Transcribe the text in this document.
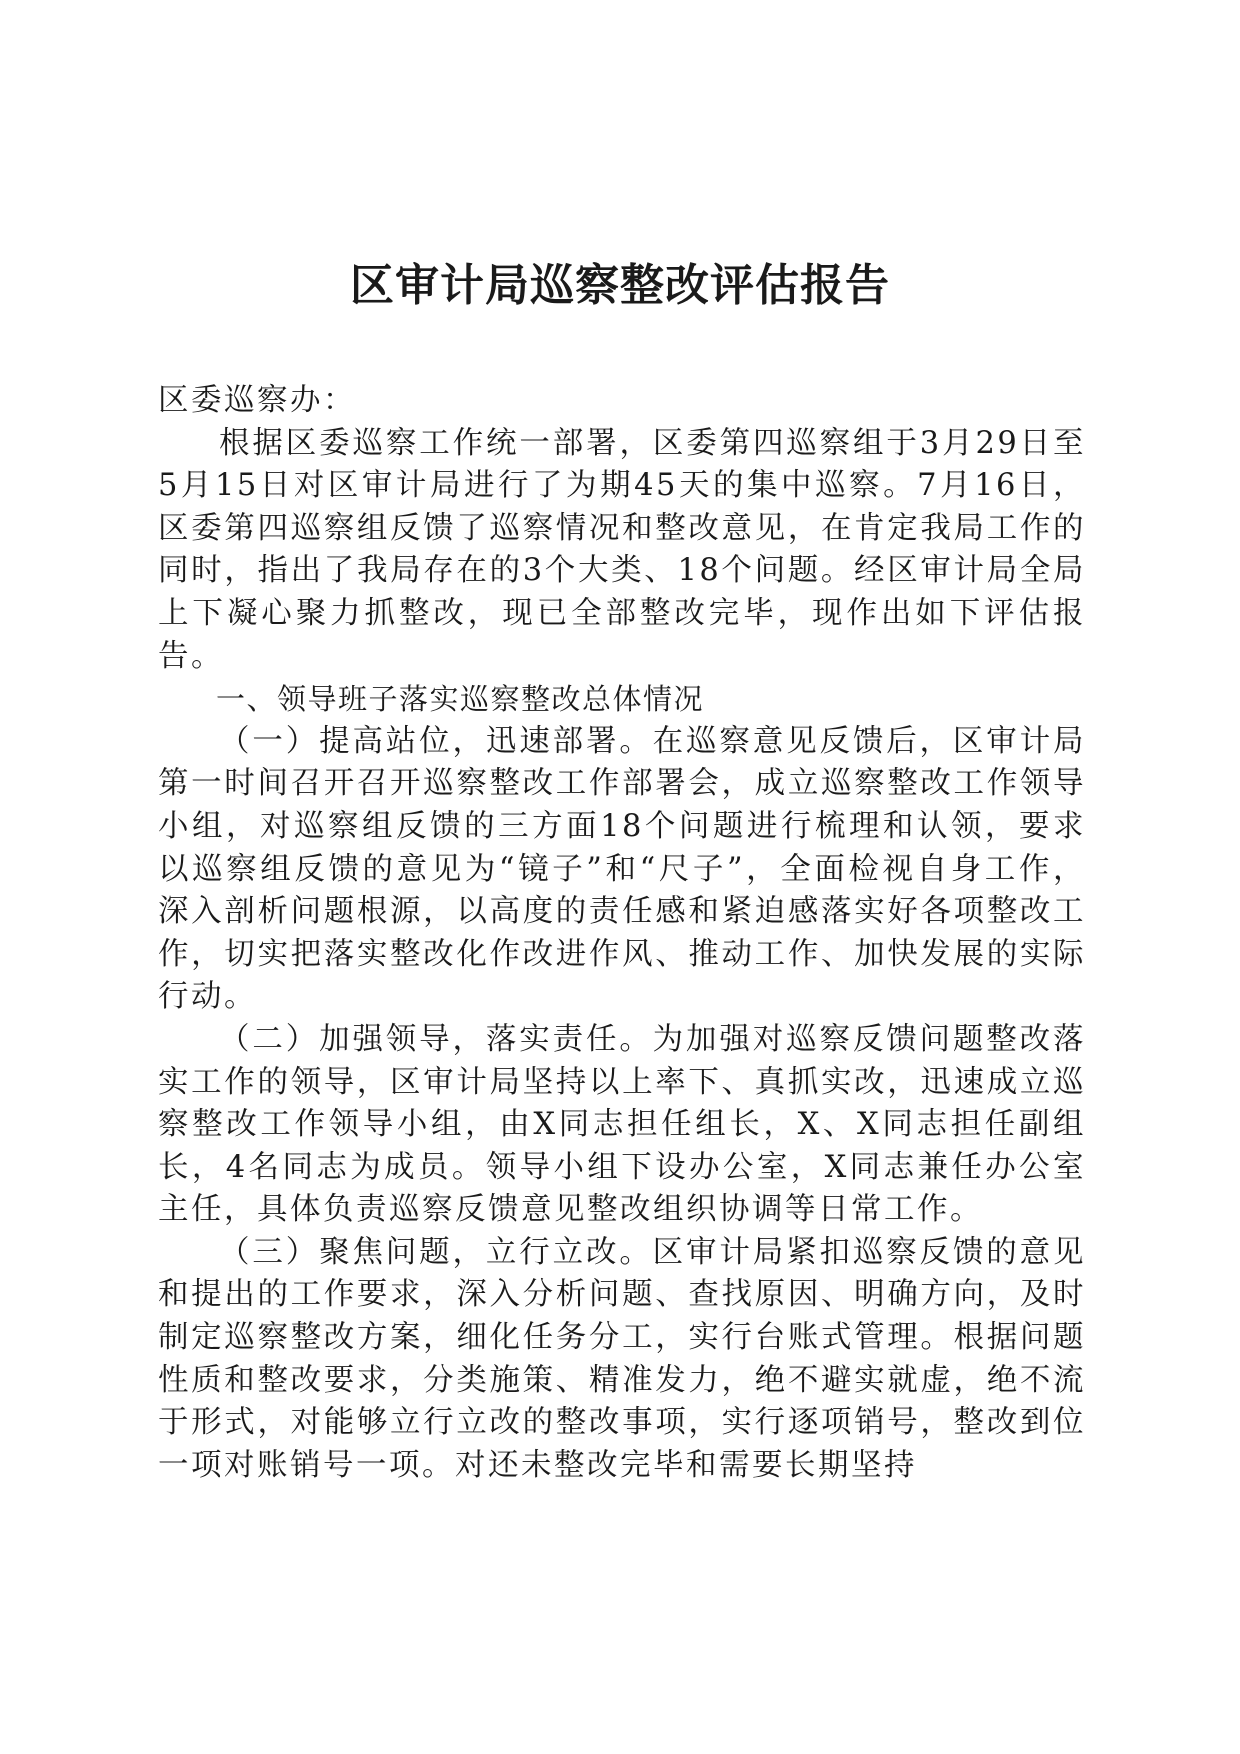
区审计局巡察整改评估报告

区委巡察办：

根据区委巡察工作统一部署，区委第四巡察组于3月29日至5月15日对区审计局进行了为期45天的集中巡察。7月16日，区委第四巡察组反馈了巡察情况和整改意见，在肯定我局工作的同时，指出了我局存在的3个大类、18个问题。经区审计局全局上下凝心聚力抓整改，现已全部整改完毕，现作出如下评估报告。

一、领导班子落实巡察整改总体情况

（一）提高站位，迅速部署。在巡察意见反馈后，区审计局第一时间召开召开巡察整改工作部署会，成立巡察整改工作领导小组，对巡察组反馈的三方面18个问题进行梳理和认领，要求以巡察组反馈的意见为“镜子”和“尺子”，全面检视自身工作，深入剖析问题根源，以高度的责任感和紧迫感落实好各项整改工作，切实把落实整改化作改进作风、推动工作、加快发展的实际行动。

（二）加强领导，落实责任。为加强对巡察反馈问题整改落实工作的领导，区审计局坚持以上率下、真抓实改，迅速成立巡察整改工作领导小组，由X同志担任组长，X、X同志担任副组长，4名同志为成员。领导小组下设办公室，X同志兼任办公室主任，具体负责巡察反馈意见整改组织协调等日常工作。

（三）聚焦问题，立行立改。区审计局紧扣巡察反馈的意见和提出的工作要求，深入分析问题、查找原因、明确方向，及时制定巡察整改方案，细化任务分工，实行台账式管理。根据问题性质和整改要求，分类施策、精准发力，绝不避实就虚，绝不流于形式，对能够立行立改的整改事项，实行逐项销号，整改到位一项对账销号一项。对还未整改完毕和需要长期坚持
